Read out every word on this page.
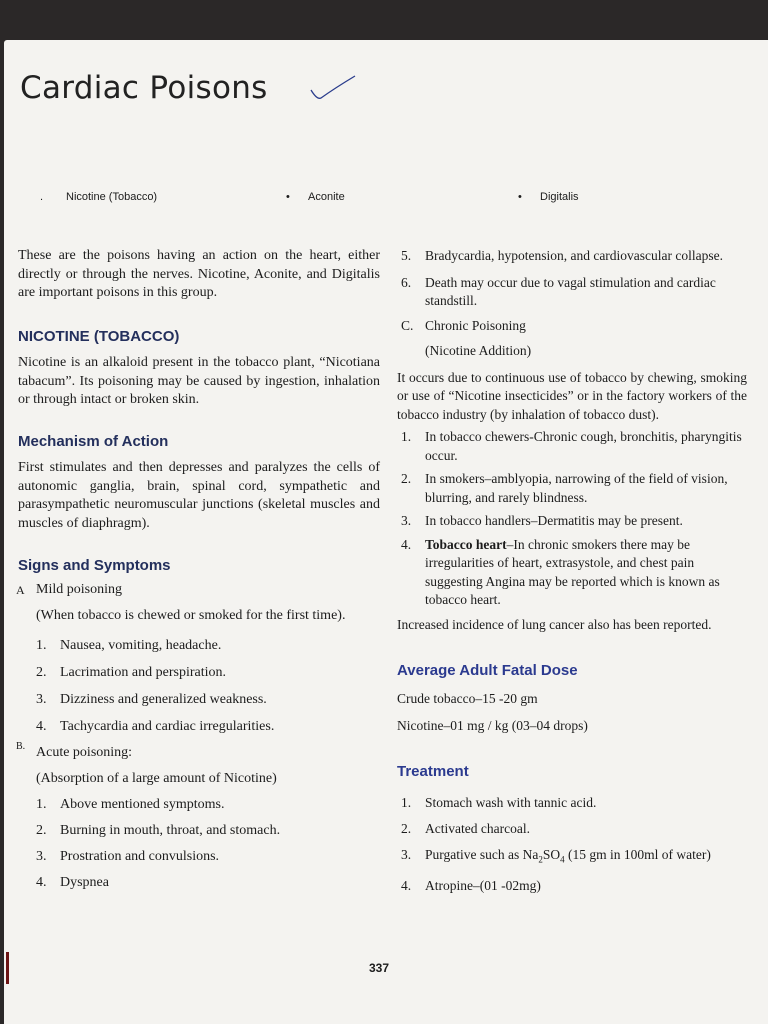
Cardiac Poisons
. Nicotine (Tobacco)	• Aconite	• Digitalis

These are the poisons having an action on the heart, either directly or through the nerves. Nicotine, Aconite, and Digitalis are important poisons in this group.

NICOTINE (TOBACCO)

Nicotine is an alkaloid present in the tobacco plant, “Nicotiana tabacum”. Its poisoning may be caused by ingestion, inhalation or through intact or broken skin.

Mechanism of Action

First stimulates and then depresses and paralyzes the cells of autonomic ganglia, brain, spinal cord, sympathetic and parasympathetic neuromuscular junctions (skeletal muscles and muscles of diaphragm).

Signs and Symptoms
A Mild poisoning

(When tobacco is chewed or smoked for the first time).

1. Nausea, vomiting, headache.
2. Lacrimation and perspiration.
3. Dizziness and generalized weakness.
4. Tachycardia and cardiac irregularities.
B. Acute poisoning:

(Absorption of a large amount of Nicotine)

1. Above mentioned symptoms.
2. Burning in mouth, throat, and stomach.
3. Prostration and convulsions.
4. Dyspnea
5. Bradycardia, hypotension, and cardiovascular collapse.
6. Death may occur due to vagal stimulation and cardiac standstill.
C. Chronic Poisoning

(Nicotine Addition)

It occurs due to continuous use of tobacco by chewing, smoking or use of “Nicotine insecticides” or in the factory workers of the tobacco industry (by inhalation of tobacco dust).

1. In tobacco chewers-Chronic cough, bronchitis, pharyngitis occur.
2. In smokers–amblyopia, narrowing of the field of vision, blurring, and rarely blindness.
3. In tobacco handlers–Dermatitis may be present.
4. Tobacco heart–In chronic smokers there may be irregularities of heart, extrasystole, and chest pain suggesting Angina may be reported which is known as tobacco heart.

Increased incidence of lung cancer also has been reported.

Average Adult Fatal Dose
Crude tobacco–15 -20 gm
Nicotine–01 mg / kg (03–04 drops)
Treatment
1. Stomach wash with tannic acid.
2. Activated charcoal.
3. Purgative such as $Na_2SO_4$ (15 gm in 100ml of water)
4. Atropine–(01 -02mg)
337
